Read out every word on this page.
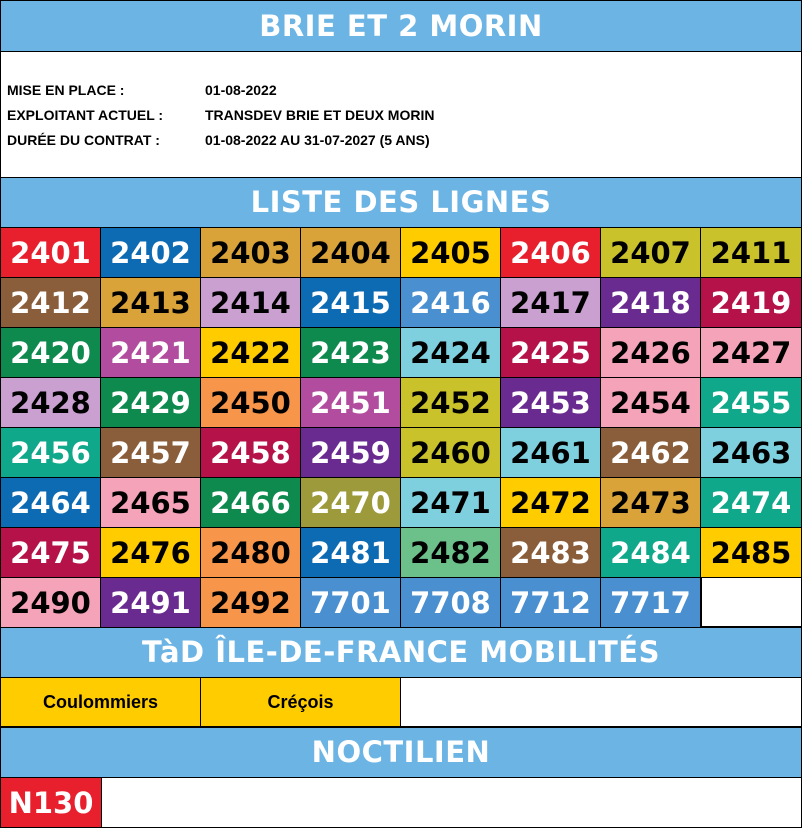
BRIE ET 2 MORIN
MISE EN PLACE :	01-08-2022
EXPLOITANT ACTUEL :	TRANSDEV BRIE ET DEUX MORIN
DURÉE DU CONTRAT :	01-08-2022 AU 31-07-2027 (5 ANS)
LISTE DES LIGNES
2401 2402 2403 2404 2405 2406 2407 2411
2412 2413 2414 2415 2416 2417 2418 2419
2420 2421 2422 2423 2424 2425 2426 2427
2428 2429 2450 2451 2452 2453 2454 2455
2456 2457 2458 2459 2460 2461 2462 2463
2464 2465 2466 2470 2471 2472 2473 2474
2475 2476 2480 2481 2482 2483 2484 2485
2490 2491 2492 7701 7708 7712 7717
TàD ÎLE-DE-FRANCE MOBILITÉS
Coulommiers	Créçois
NOCTILIEN
N130
